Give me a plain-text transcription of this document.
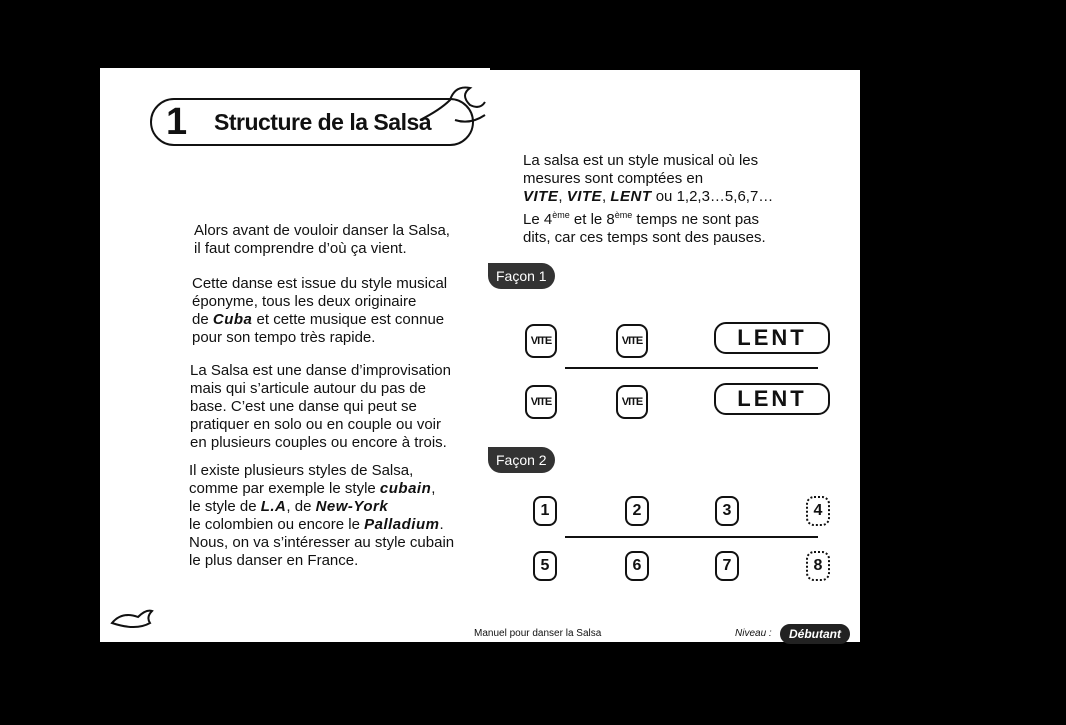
1	Structure de la Salsa
Alors avant de vouloir danser la Salsa,
il faut comprendre d’où ça vient.
Cette danse est issue du style musical
éponyme, tous les deux originaire
de Cuba et cette musique est connue
pour son tempo très rapide.
La Salsa est une danse d’improvisation
mais qui s’articule autour du pas de
base. C’est une danse qui peut se
pratiquer en solo ou en couple ou voir
en plusieurs couples ou encore à trois.
Il existe plusieurs styles de Salsa,
comme par exemple le style cubain,
le style de L.A, de New-York
le colombien ou encore le Palladium.
Nous, on va s’intéresser au style cubain
le plus danser en France.
La salsa est un style musical où les
mesures sont comptées en
VITE, VITE, LENT ou 1,2,3…5,6,7…
Le 4ème et le 8ème temps ne sont pas
dits, car ces temps sont des pauses.
Façon 1
VITE	VITE	LENT
VITE	VITE	LENT
Façon 2
1	2	3	4
5	6	7	8
Manuel pour danser la Salsa	Niveau :	Débutant
